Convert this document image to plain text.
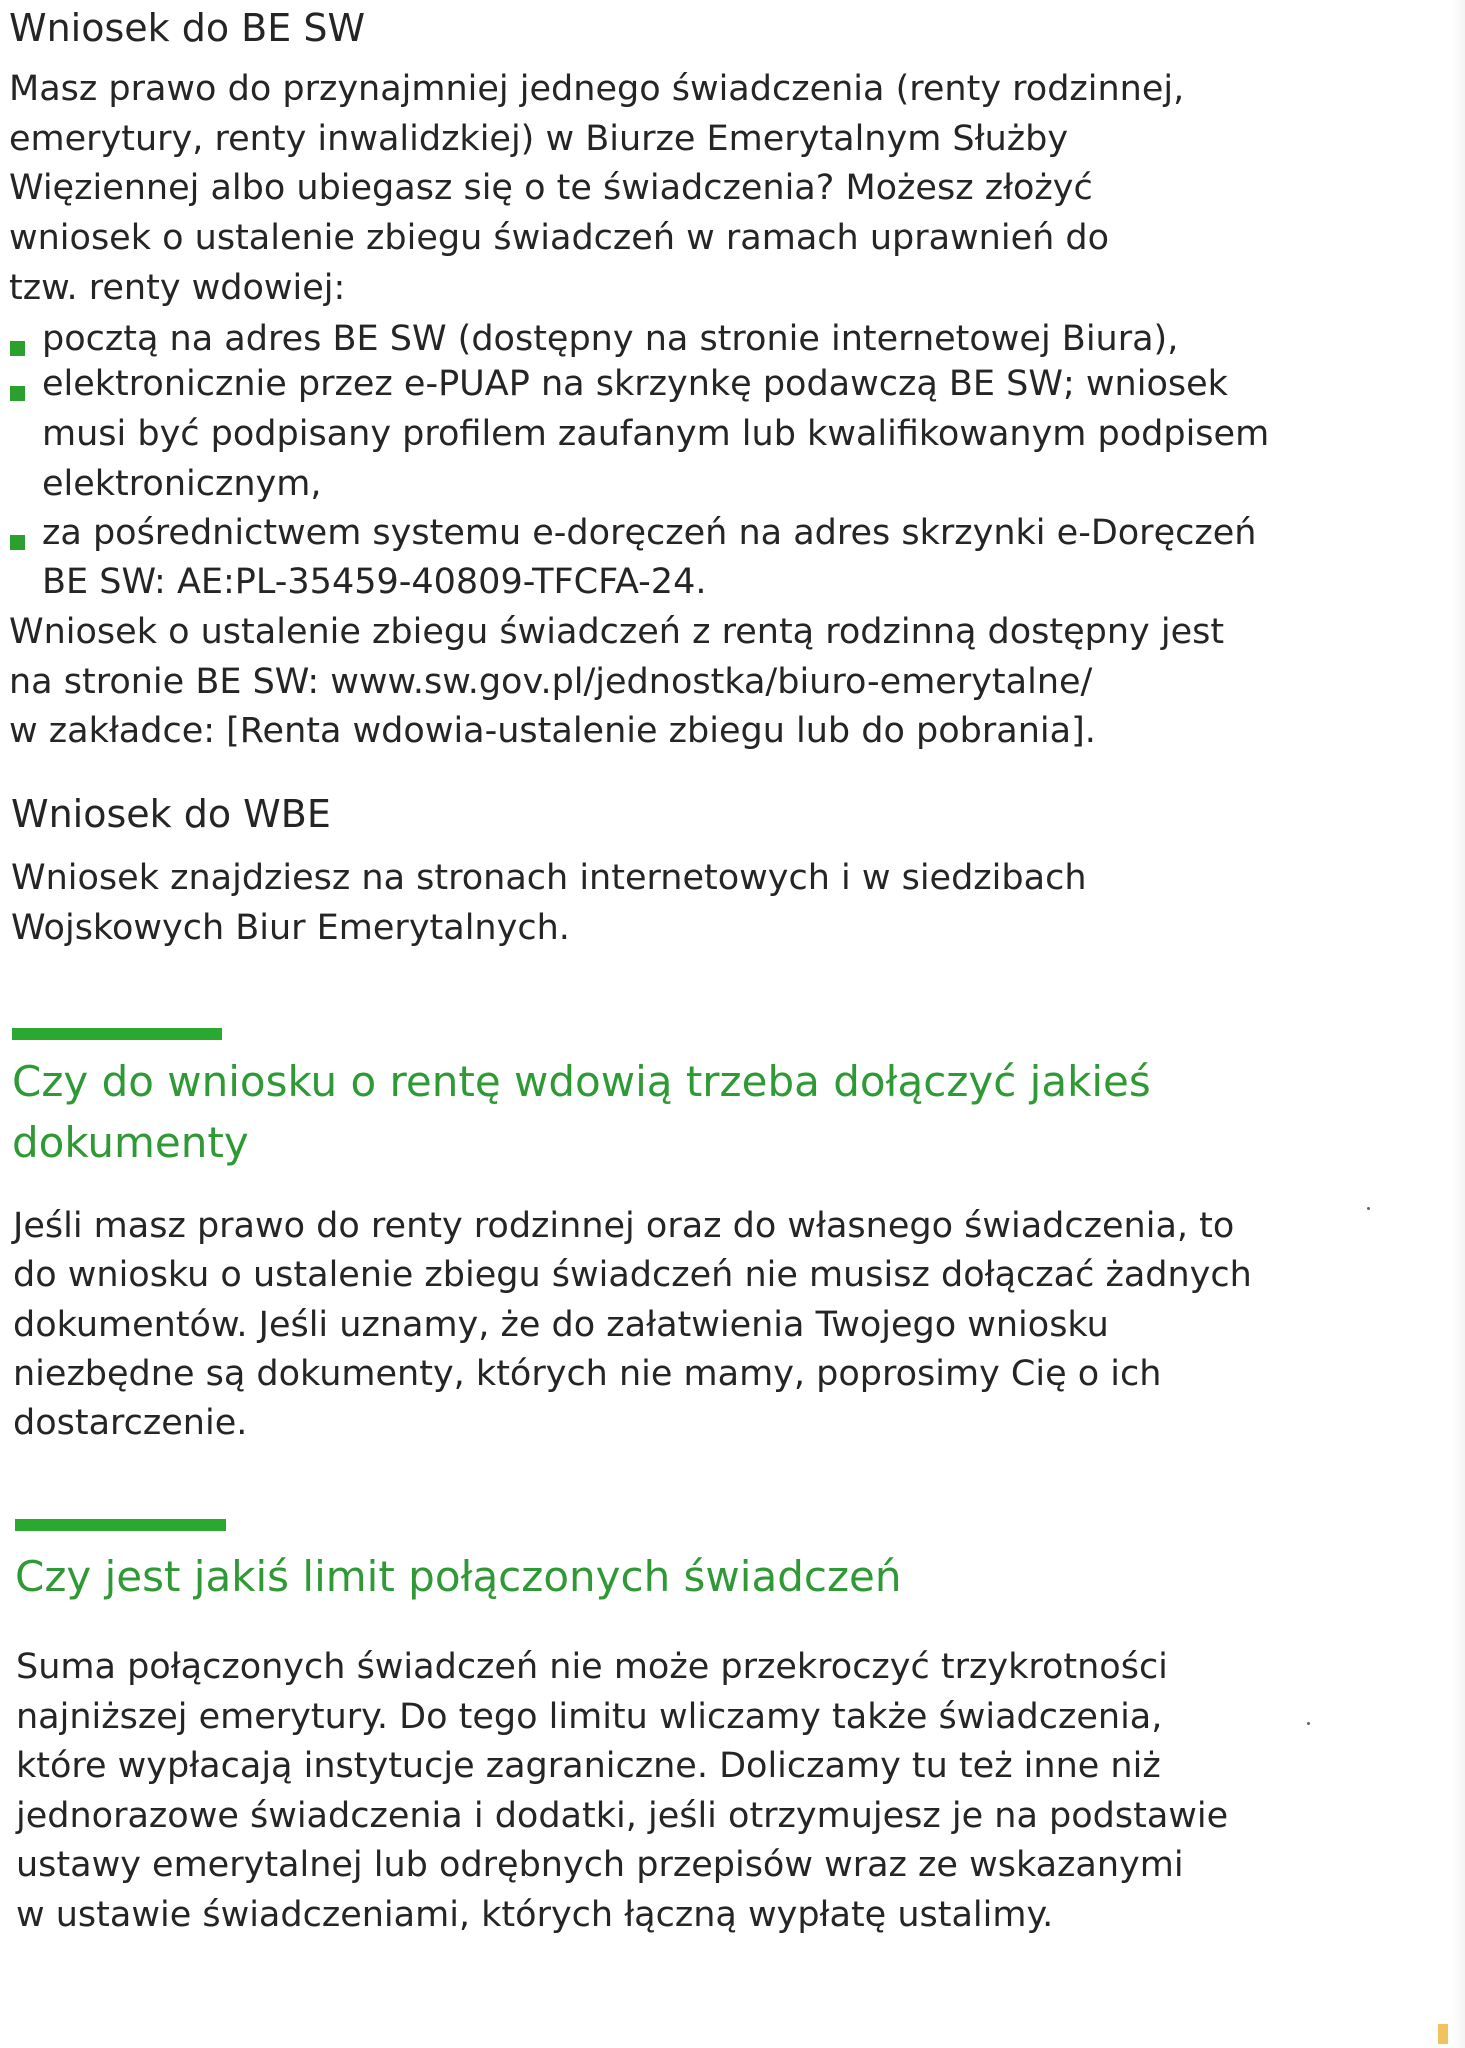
Wniosek do BE SW

Masz prawo do przynajmniej jednego świadczenia (renty rodzinnej,

emerytury, renty inwalidzkiej) w Biurze Emerytalnym Służby

Więziennej albo ubiegasz się o te świadczenia? Możesz złożyć

wniosek o ustalenie zbiegu świadczeń w ramach uprawnień do

tzw. renty wdowiej:

pocztą na adres BE SW (dostępny na stronie internetowej Biura),

elektronicznie przez e-PUAP na skrzynkę podawczą BE SW; wniosek

musi być podpisany profilem zaufanym lub kwalifikowanym podpisem

elektronicznym,

za pośrednictwem systemu e-doręczeń na adres skrzynki e-Doręczeń

BE SW: AE:PL-35459-40809-TFCFA-24.

Wniosek o ustalenie zbiegu świadczeń z rentą rodzinną dostępny jest

na stronie BE SW: www.sw.gov.pl/jednostka/biuro-emerytalne/

w zakładce: [Renta wdowia-ustalenie zbiegu lub do pobrania].

Wniosek do WBE

Wniosek znajdziesz na stronach internetowych i w siedzibach

Wojskowych Biur Emerytalnych.

Czy do wniosku o rentę wdowią trzeba dołączyć jakieś
dokumenty

Jeśli masz prawo do renty rodzinnej oraz do własnego świadczenia, to

do wniosku o ustalenie zbiegu świadczeń nie musisz dołączać żadnych

dokumentów. Jeśli uznamy, że do załatwienia Twojego wniosku

niezbędne są dokumenty, których nie mamy, poprosimy Cię o ich

dostarczenie.

Czy jest jakiś limit połączonych świadczeń

Suma połączonych świadczeń nie może przekroczyć trzykrotności

najniższej emerytury. Do tego limitu wliczamy także świadczenia,

które wypłacają instytucje zagraniczne. Doliczamy tu też inne niż

jednorazowe świadczenia i dodatki, jeśli otrzymujesz je na podstawie

ustawy emerytalnej lub odrębnych przepisów wraz ze wskazanymi

w ustawie świadczeniami, których łączną wypłatę ustalimy.
